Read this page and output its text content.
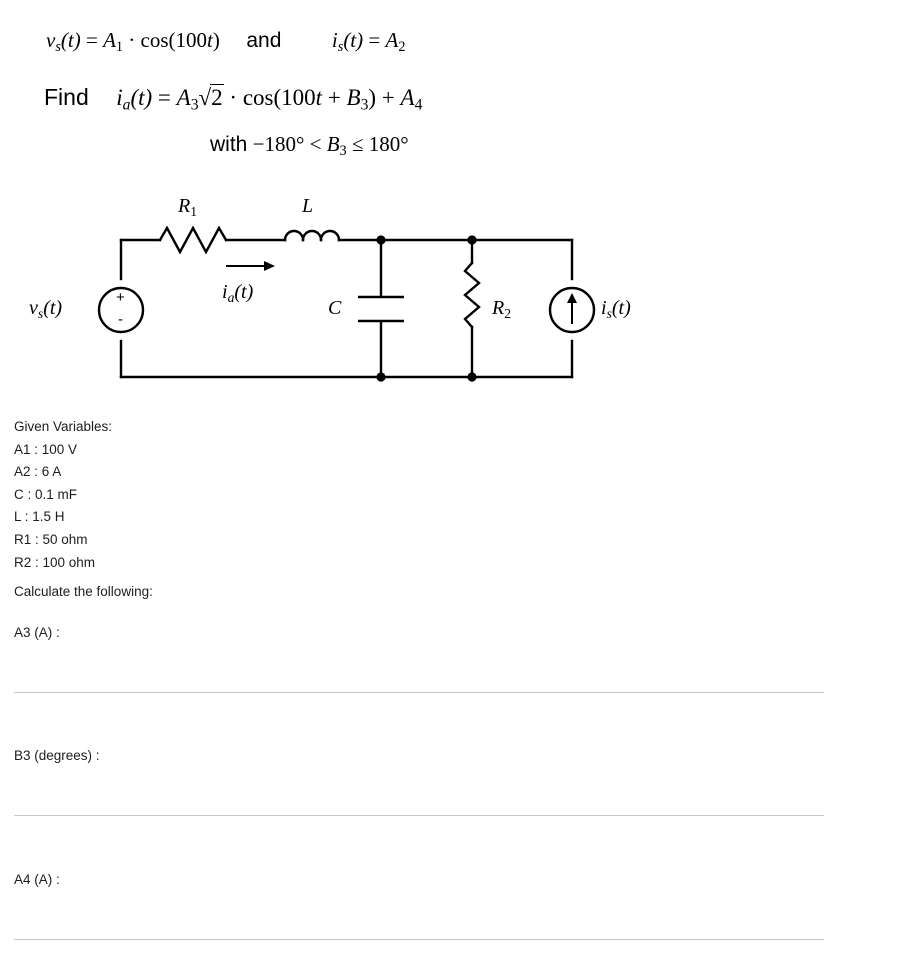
$v_s(t) = A1 \cdot \cos(100t)$ and $i_s(t) = A2$
Find $i_a(t) = A3√2 \cdot \cos(100t + B3) + A4$
with −180° < B3 ≤ 180°
R1	L
C	R2
$v_s(t)$	$i_s(t)$
$i_a(t)$
+
-
Given Variables:
A1 : 100 V
A2 : 6 A
C : 0.1 mF
L : 1.5 H
R1 : 50 ohm
R2 : 100 ohm
Calculate the following:
A3 (A) :
B3 (degrees) :
A4 (A) :
